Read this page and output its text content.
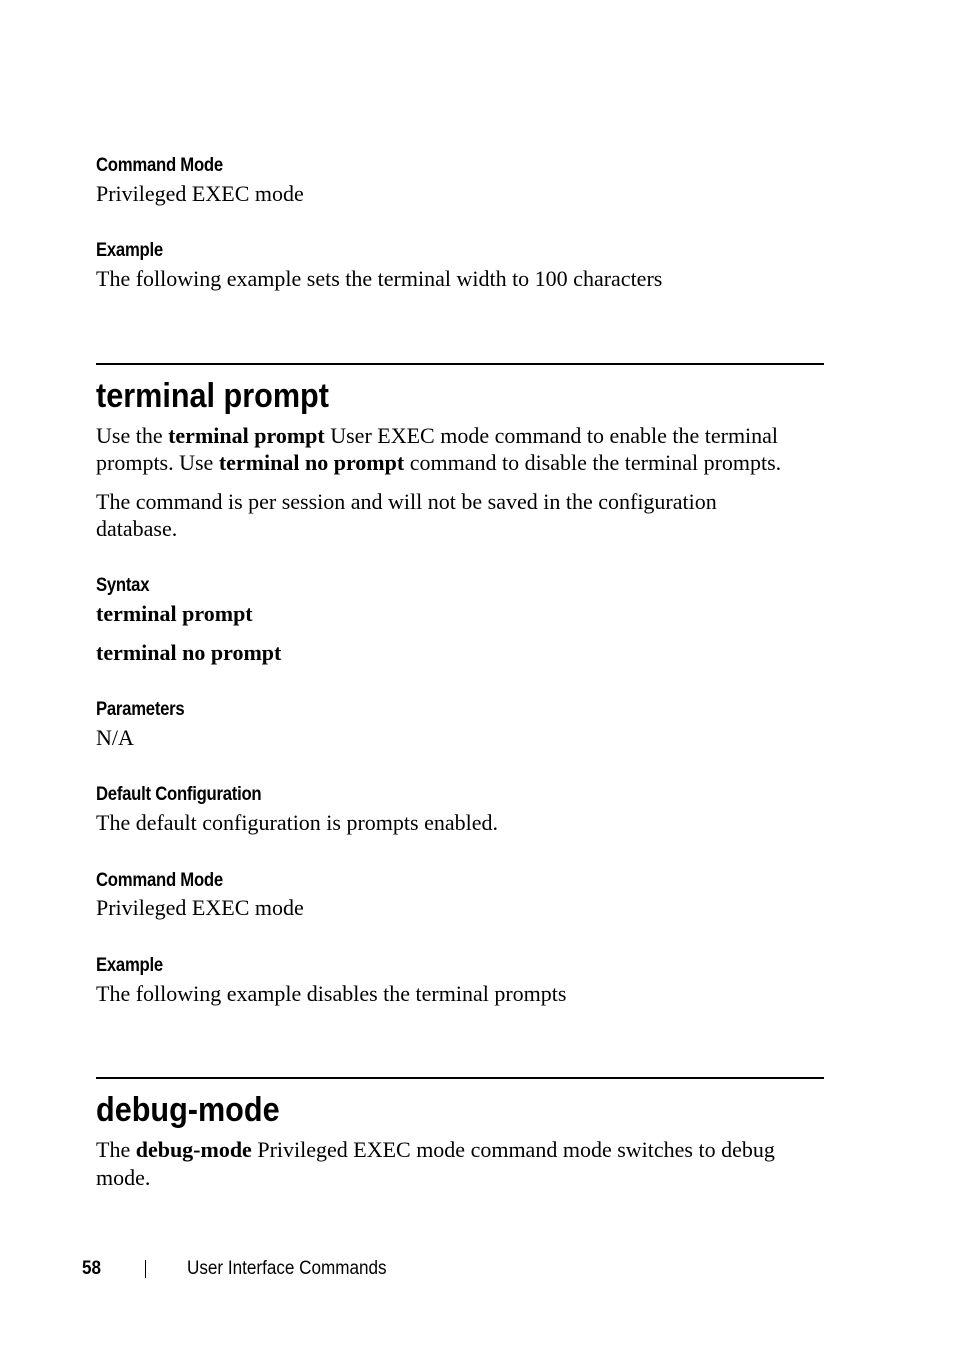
Command Mode
Privileged EXEC mode
Example
The following example sets the terminal width to 100 characters
terminal prompt
Use the terminal prompt User EXEC mode command to enable the terminal
prompts. Use terminal no prompt command to disable the terminal prompts.
The command is per session and will not be saved in the configuration
database.
Syntax
terminal prompt
terminal no prompt
Parameters
N/A
Default Configuration
The default configuration is prompts enabled.
Command Mode
Privileged EXEC mode
Example
The following example disables the terminal prompts
debug-mode
The debug-mode Privileged EXEC mode command mode switches to debug
mode.
58	User Interface Commands
